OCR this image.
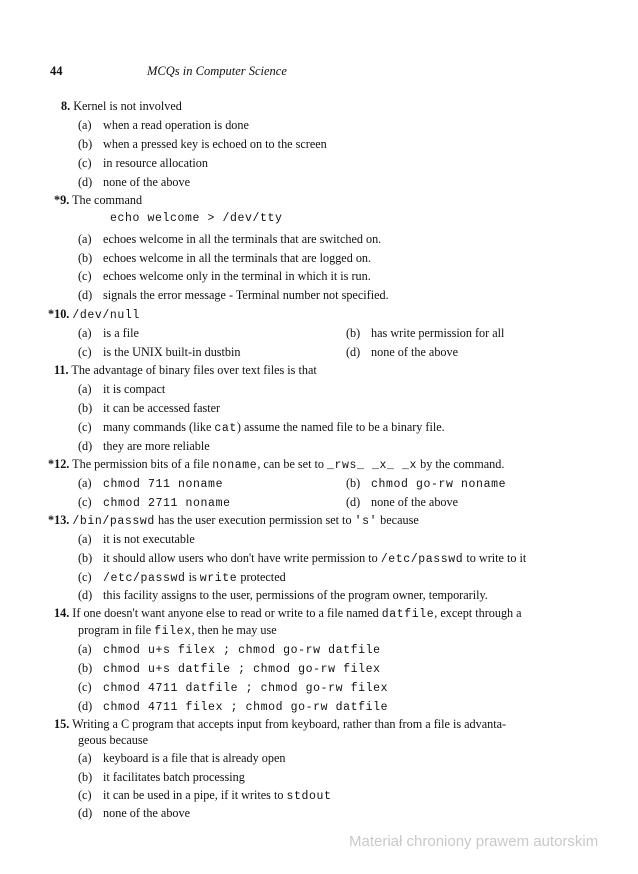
44	MCQs in Computer Science
8. Kernel is not involved
(a) when a read operation is done
(b) when a pressed key is echoed on to the screen
(c) in resource allocation
(d) none of the above
*9. The command
echo welcome > /dev/tty
(a) echoes welcome in all the terminals that are switched on.
(b) echoes welcome in all the terminals that are logged on.
(c) echoes welcome only in the terminal in which it is run.
(d) signals the error message - Terminal number not specified.
*10. /dev/null
(a) is a file	(b) has write permission for all
(c) is the UNIX built-in dustbin	(d) none of the above
11. The advantage of binary files over text files is that
(a) it is compact
(b) it can be accessed faster
(c) many commands (like cat) assume the named file to be a binary file.
(d) they are more reliable
*12. The permission bits of a file noname, can be set to _rws_ _x_ _x by the command.
(a) chmod 711 noname	(b) chmod go-rw noname
(c) chmod 2711 noname	(d) none of the above
*13. /bin/passwd has the user execution permission set to 's' because
(a) it is not executable
(b) it should allow users who don't have write permission to /etc/passwd to write to it
(c) /etc/passwd is write protected
(d) this facility assigns to the user, permissions of the program owner, temporarily.
14. If one doesn't want anyone else to read or write to a file named datfile, except through a
program in file filex, then he may use
(a) chmod u+s filex ; chmod go-rw datfile
(b) chmod u+s datfile ; chmod go-rw filex
(c) chmod 4711 datfile ; chmod go-rw filex
(d) chmod 4711 filex ; chmod go-rw datfile
15. Writing a C program that accepts input from keyboard, rather than from a file is advanta-
geous because
(a) keyboard is a file that is already open
(b) it facilitates batch processing
(c) it can be used in a pipe, if it writes to stdout
(d) none of the above
Materiał chroniony prawem autorskim
